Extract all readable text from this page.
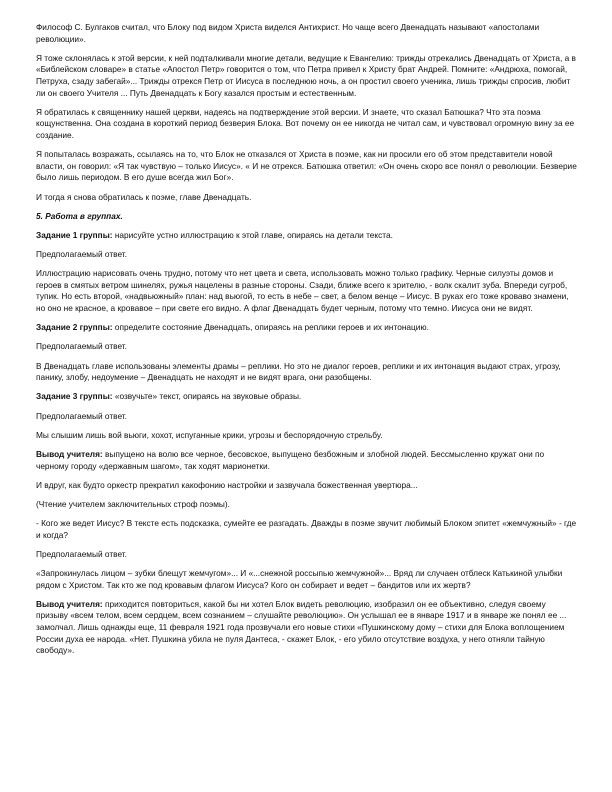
Философ С. Булгаков считал, что Блоку под видом Христа виделся Антихрист. Но чаще всего Двенадцать называют «апостолами революции».

Я тоже склонялась к этой версии, к ней подталкивали многие детали, ведущие к Евангелию: трижды отрекались Двенадцать от Христа, а в «Библейском словаре» в статье «Апостол Петр» говорится о том, что Петра привел к Христу брат Андрей. Помните: «Андрюха, помогай, Петруха, сзаду забегай»... Трижды отрекся Петр от Иисуса в последнюю ночь, а он простил своего ученика, лишь трижды спросив, любит ли он своего Учителя ... Путь Двенадцать к Богу казался простым и естественным.

Я обратилась к священнику нашей церкви, надеясь на подтверждение этой версии. И знаете, что сказал Батюшка? Что эта поэма кощунственна. Она создана в короткий период безверия Блока. Вот почему он ее никогда не читал сам, и чувствовал огромную вину за ее создание.

Я попыталась возражать, ссылаясь на то, что Блок не отказался от Христа в поэме, как ни просили его об этом представители новой власти, он говорил: «Я так чувствую – только Иисус». « И не отрекся. Батюшка ответил: «Он очень скоро все понял о революции. Безверие было лишь периодом. В его душе всегда жил Бог».

И тогда я снова обратилась к поэме, главе Двенадцать.

5. Работа в группах.

Задание 1 группы: нарисуйте устно иллюстрацию к этой главе, опираясь на детали текста.

Предполагаемый ответ.

Иллюстрацию нарисовать очень трудно, потому что нет цвета и света, использовать можно только графику. Черные силуэты домов и героев в смятых ветром шинелях, ружья нацелены в разные стороны. Сзади, ближе всего к зрителю, - волк скалит зуба. Впереди сугроб, тупик. Но есть второй, «надвьюжный» план: над вьюгой, то есть в небе – свет, а белом венце – Иисус. В руках его тоже кроваво знамени, но оно не красное, а кровавое – при свете его видно. А флаг Двенадцать будет черным, потому что темно. Иисуса они не видят.

Задание 2 группы: определите состояние Двенадцать, опираясь на реплики героев и их интонацию.

Предполагаемый ответ.

В Двенадцать главе использованы элементы драмы – реплики. Но это не диалог героев, реплики и их интонация выдают страх, угрозу, панику, злобу, недоумение – Двенадцать не находят и не видят врага, они разобщены.

Задание 3 группы: «озвучьте» текст, опираясь на звуковые образы.

Предполагаемый ответ.

Мы слышим лишь вой вьюги, хохот, испуганные крики, угрозы и беспорядочную стрельбу.

Вывод учителя: выпущено на волю все черное, бесовское, выпущено безбожным и злобной людей. Бессмысленно кружат они по черному городу «державным шагом», так ходят марионетки.

И вдруг, как будто оркестр прекратил какофонию настройки и зазвучала божественная увертюра...

(Чтение учителем заключительных строф поэмы).

- Кого же ведет Иисус? В тексте есть подсказка, сумейте ее разгадать. Дважды в поэме звучит любимый Блоком эпитет «жемчужный» - где и когда?

Предполагаемый ответ.

«Запрокинулась лицом – зубки блещут жемчугом»... И «...снежной россыпью жемчужной»... Вряд ли случаен отблеск Катькиной улыбки рядом с Христом. Так кто же под кровавым флагом Иисуса? Кого он собирает и ведет – бандитов или их жертв?

Вывод учителя: приходится повториться, какой бы ни хотел Блок видеть революцию, изобразил он ее объективно, следуя своему призыву «всем телом, всем сердцем, всем сознанием – слушайте революцию». Он услышал ее в январе 1917 и в январе же понял ее ... замолчал. Лишь однажды еще, 11 февраля 1921 года прозвучали его новые стихи «Пушкинскому дому – стихи для Блока воплощением России духа ее народа. «Нет. Пушкина убила не пуля Дантеса, - скажет Блок, - его убило отсутствие воздуха, у него отняли тайную свободу».
